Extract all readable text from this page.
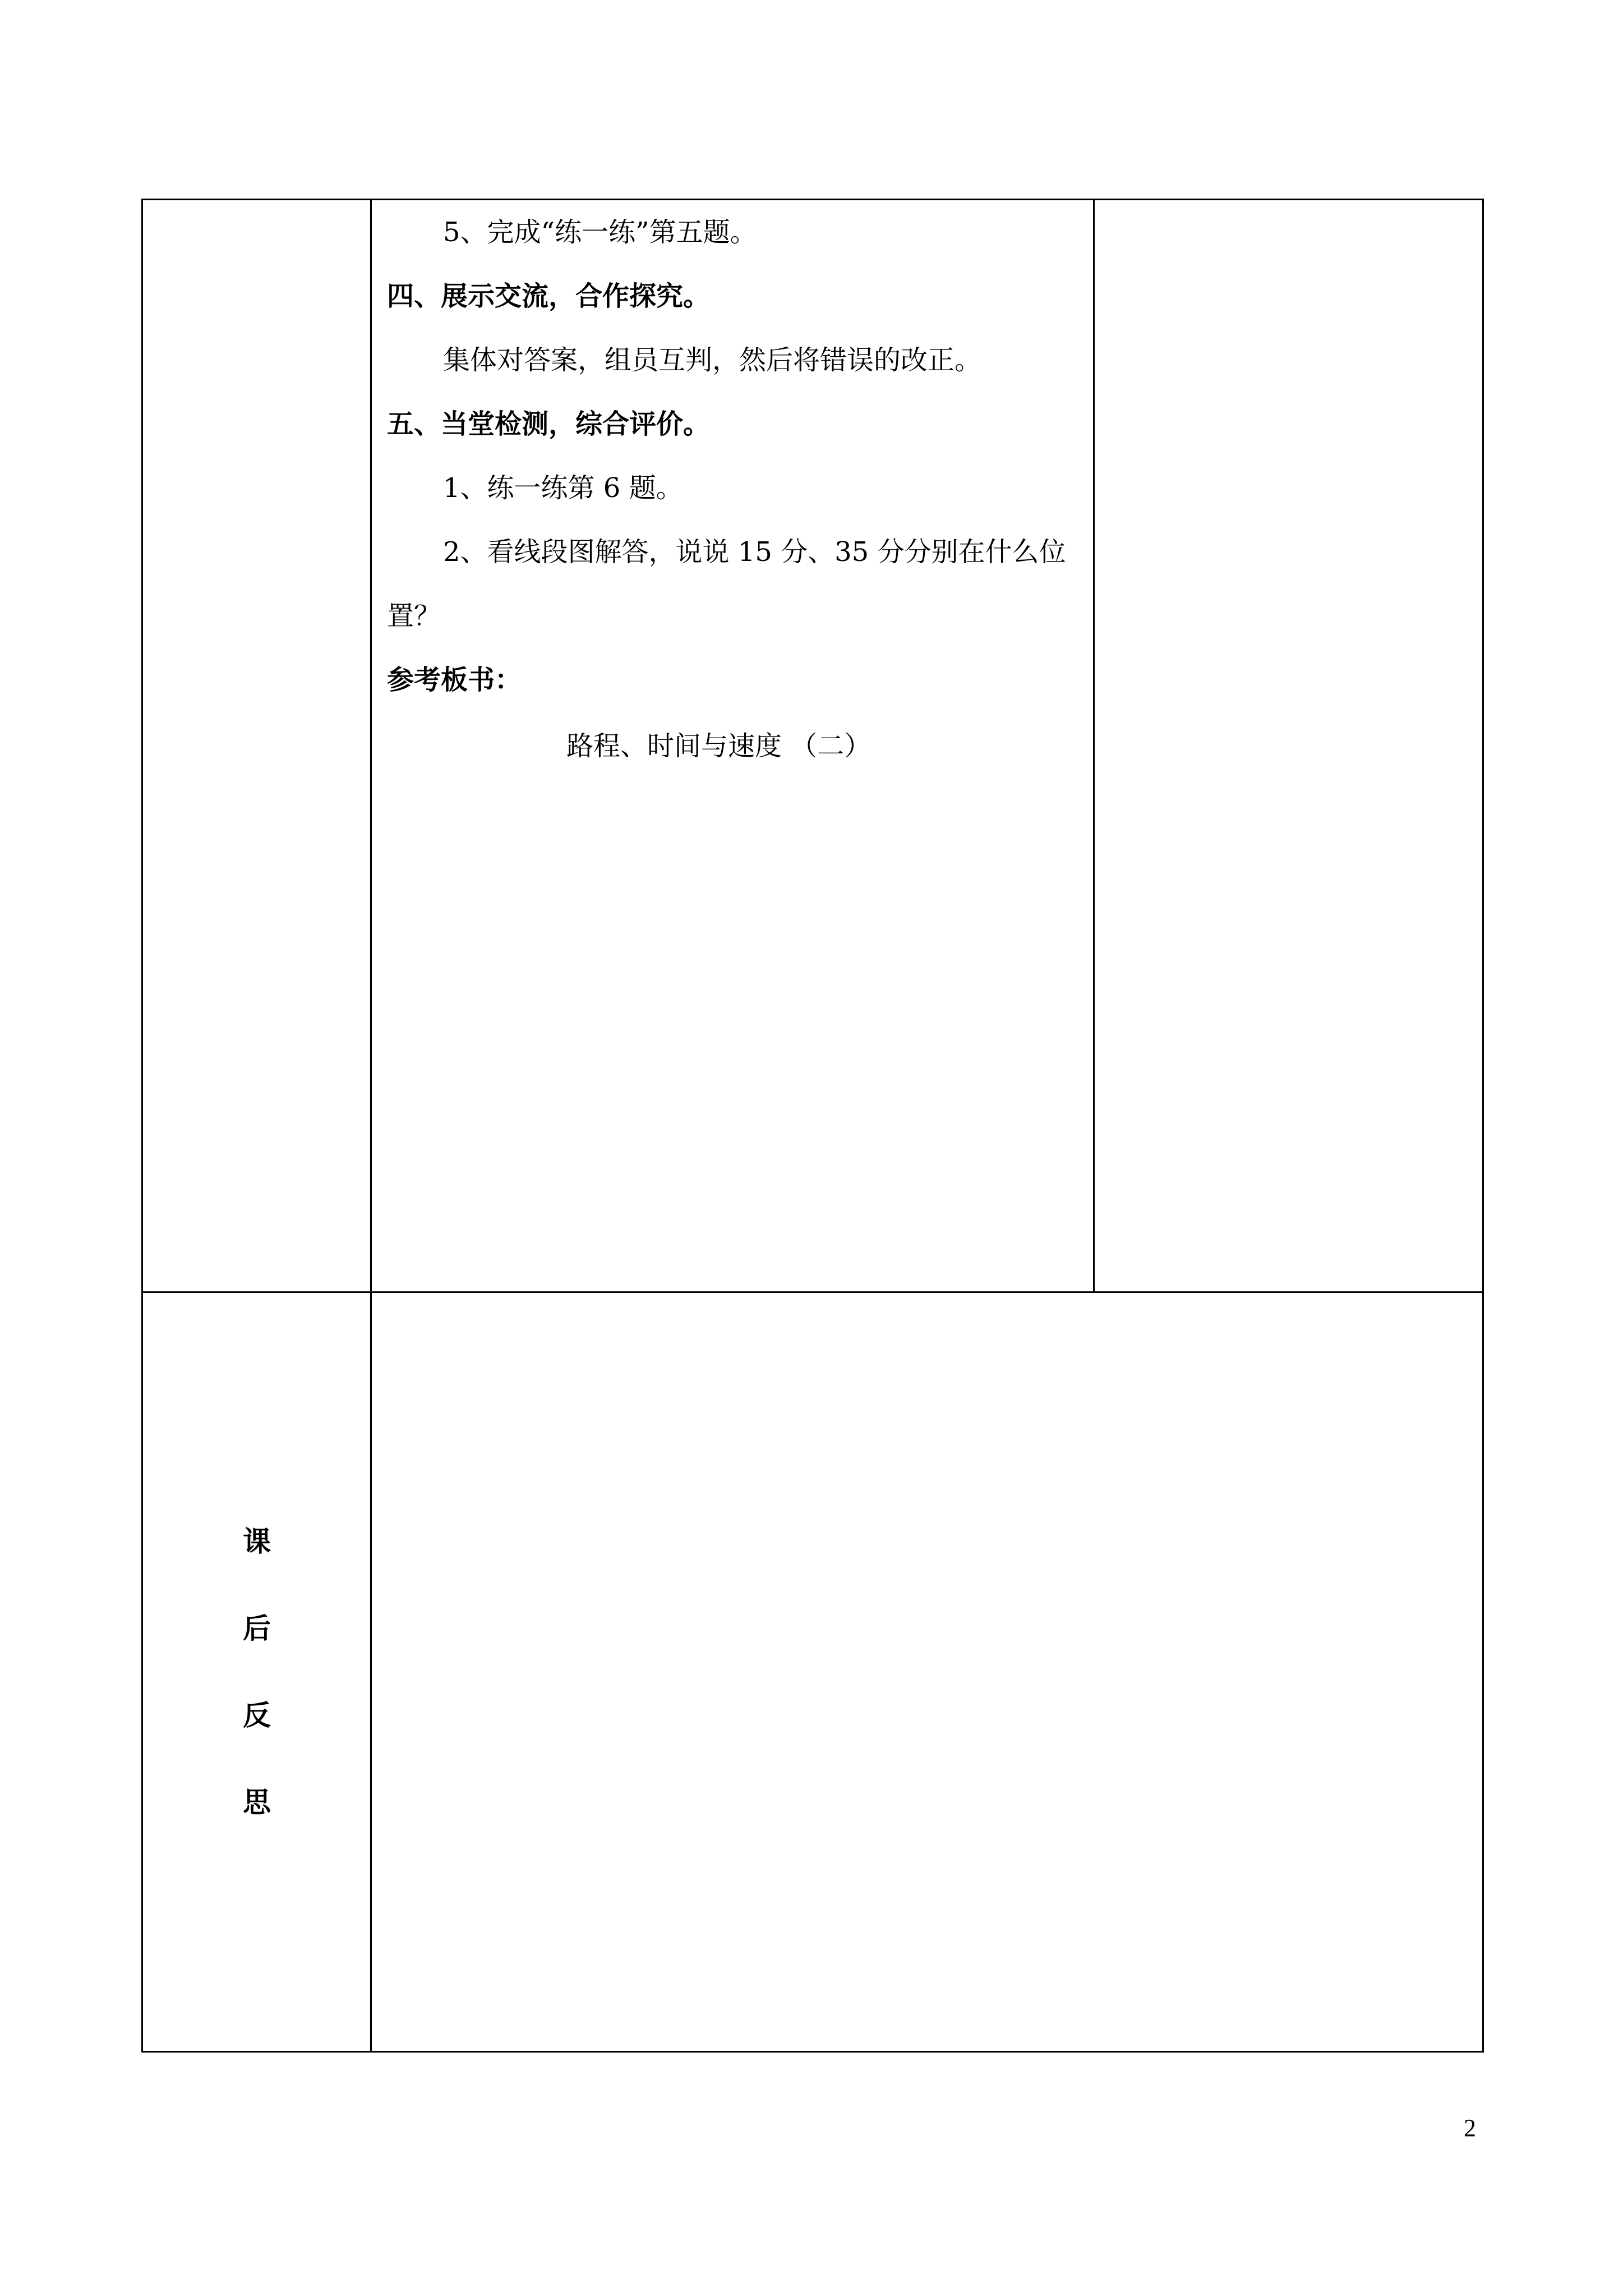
5、完成“练一练”第五题。
四、展示交流，合作探究。
集体对答案，组员互判，然后将错误的改正。
五、当堂检测，综合评价。
1、练一练第 6 题。
2、看线段图解答，说说 15 分、35 分分别在什么位
置？
参考板书：
路程、时间与速度 （二）
课
后
反
思
2
